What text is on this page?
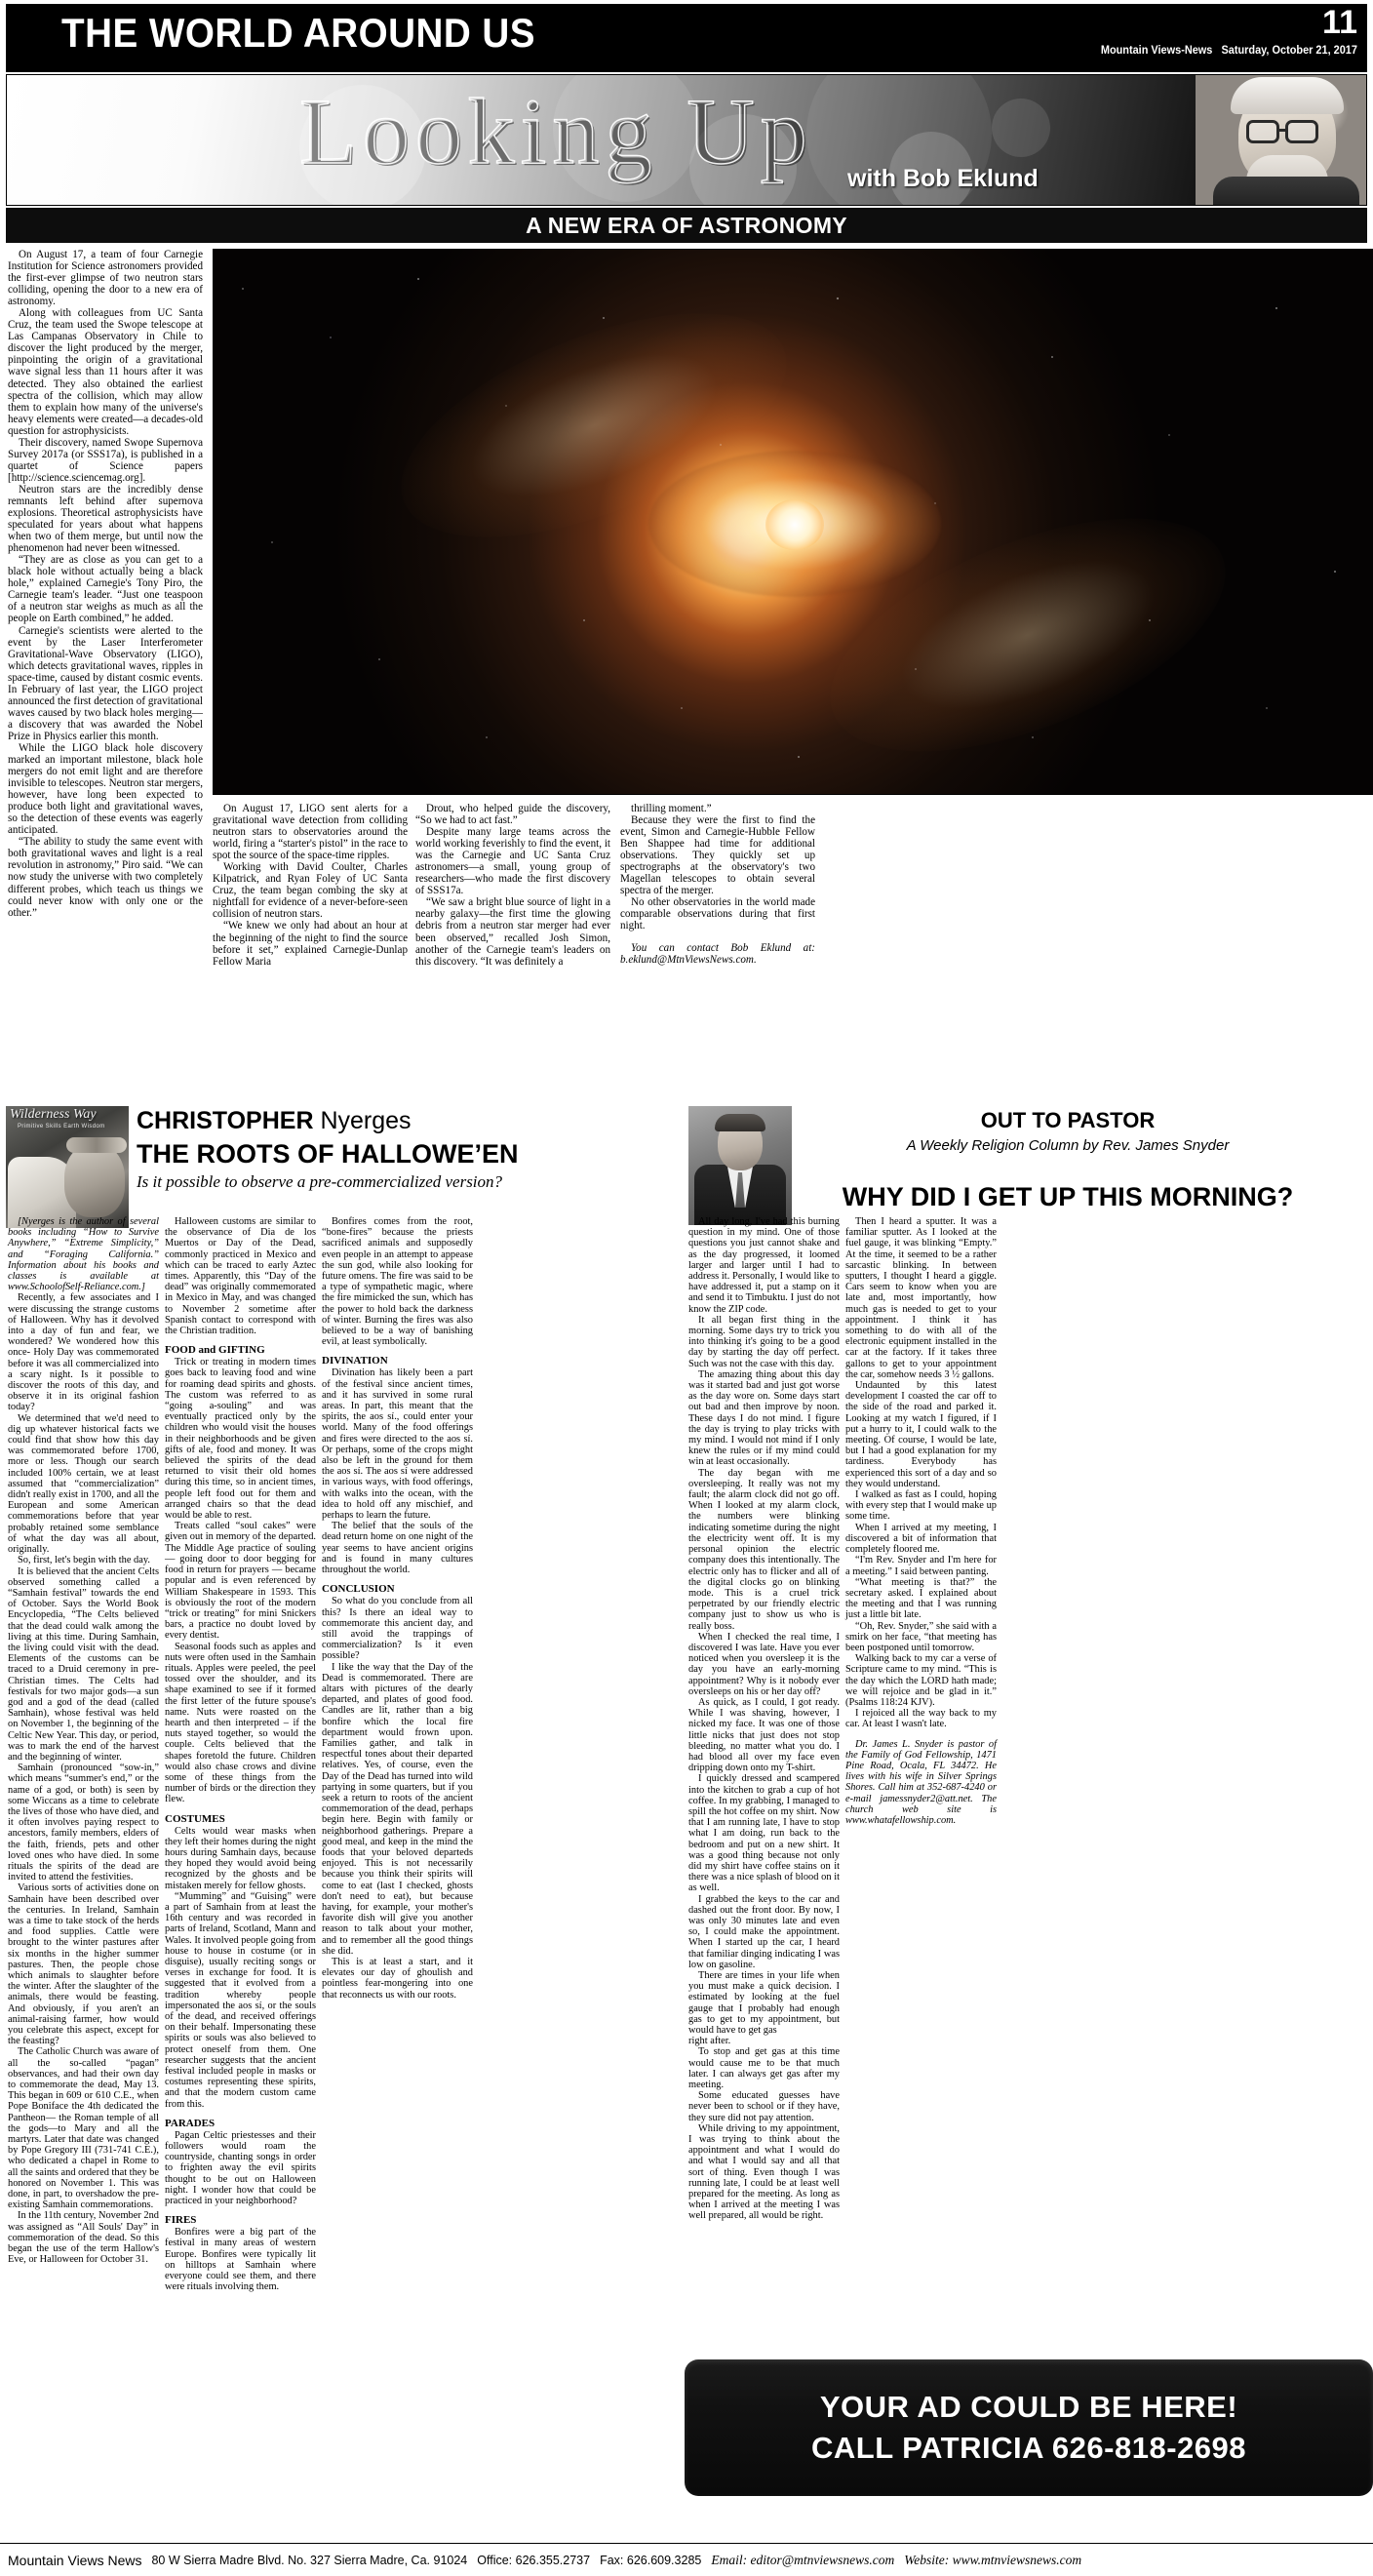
THE WORLD AROUND US	11
Mountain Views-News Saturday, October 21, 2017
Looking Up with Bob Eklund
A NEW ERA OF ASTRONOMY

On August 17, a team of four Carnegie Institution for Science astronomers provided the first-ever glimpse of two neutron stars colliding, opening the door to a new era of astronomy.

Along with colleagues from UC Santa Cruz, the team used the Swope telescope at Las Campanas Observatory in Chile to discover the light produced by the merger, pinpointing the origin of a gravitational wave signal less than 11 hours after it was detected. They also obtained the earliest spectra of the collision, which may allow them to explain how many of the universe's heavy elements were created—a decades-old question for astrophysicists.

Their discovery, named Swope Supernova Survey 2017a (or SSS17a), is published in a quartet of Science papers [http://science.sciencemag.org].

Neutron stars are the incredibly dense remnants left behind after supernova explosions. Theoretical astrophysicists have speculated for years about what happens when two of them merge, but until now the phenomenon had never been witnessed.

“They are as close as you can get to a black hole without actually being a black hole,” explained Carnegie's Tony Piro, the Carnegie team's leader. “Just one teaspoon of a neutron star weighs as much as all the people on Earth combined,” he added.

Carnegie's scientists were alerted to the event by the Laser Interferometer Gravitational-Wave Observatory (LIGO), which detects gravitational waves, ripples in space-time, caused by distant cosmic events. In February of last year, the LIGO project announced the first detection of gravitational waves caused by two black holes merging—a discovery that was awarded the Nobel Prize in Physics earlier this month.

While the LIGO black hole discovery marked an important milestone, black hole mergers do not emit light and are therefore invisible to telescopes. Neutron star mergers, however, have long been expected to produce both light and gravitational waves, so the detection of these events was eagerly anticipated.

“The ability to study the same event with both gravitational waves and light is a real revolution in astronomy,” Piro said. “We can now study the universe with two completely different probes, which teach us things we could never know with only one or the other.”

On August 17, LIGO sent alerts for a gravitational wave detection from colliding neutron stars to observatories around the world, firing a “starter's pistol” in the race to spot the source of the space-time ripples.

Working with David Coulter, Charles Kilpatrick, and Ryan Foley of UC Santa Cruz, the team began combing the sky at nightfall for evidence of a never-before-seen collision of neutron stars.

“We knew we only had about an hour at the beginning of the night to find the source before it set,” explained Carnegie-Dunlap Fellow Maria

Drout, who helped guide the discovery, “So we had to act fast.”

Despite many large teams across the world working feverishly to find the event, it was the Carnegie and UC Santa Cruz astronomers—a small, young group of researchers—who made the first discovery of SSS17a.

“We saw a bright blue source of light in a nearby galaxy—the first time the glowing debris from a neutron star merger had ever been observed,” recalled Josh Simon, another of the Carnegie team's leaders on this discovery. “It was definitely a

thrilling moment.”

Because they were the first to find the event, Simon and Carnegie-Hubble Fellow Ben Shappee had time for additional observations. They quickly set up spectrographs at the observatory's two Magellan telescopes to obtain several spectra of the merger.

No other observatories in the world made comparable observations during that first night.

You can contact Bob Eklund at: b.eklund@MtnViewsNews.com.

Wilderness Way
Primitive Skills Earth Wisdom CHRISTOPHER Nyerges
THE ROOTS OF HALLOWE’EN
Is it possible to observe a pre-commercialized version?
OUT TO PASTOR
A Weekly Religion Column by Rev. James Snyder
WHY DID I GET UP THIS MORNING?

[Nyerges is the author of several books including “How to Survive Anywhere,” “Extreme Simplicity,” and “Foraging California.” Information about his books and classes is available at www.SchoolofSelf-Reliance.com.]

Recently, a few associates and I were discussing the strange customs of Halloween. Why has it devolved into a day of fun and fear, we wondered? We wondered how this once- Holy Day was commemorated before it was all commercialized into a scary night. Is it possible to discover the roots of this day, and observe it in its original fashion today?

We determined that we'd need to dig up whatever historical facts we could find that show how this day was commemorated before 1700, more or less. Though our search included 100% certain, we at least assumed that “commercialization” didn't really exist in 1700, and all the European and some American commemorations before that year probably retained some semblance of what the day was all about, originally.

So, first, let's begin with the day.

It is believed that the ancient Celts observed something called a “Samhain festival” towards the end of October. Says the World Book Encyclopedia, “The Celts believed that the dead could walk among the living at this time. During Samhain, the living could visit with the dead. Elements of the customs can be traced to a Druid ceremony in pre-Christian times. The Celts had festivals for two major gods—a sun god and a god of the dead (called Samhain), whose festival was held on November 1, the beginning of the Celtic New Year. This day, or period, was to mark the end of the harvest and the beginning of winter.

Samhain (pronounced “sow-in,” which means “summer's end,” or the name of a god, or both) is seen by some Wiccans as a time to celebrate the lives of those who have died, and it often involves paying respect to ancestors, family members, elders of the faith, friends, pets and other loved ones who have died. In some rituals the spirits of the dead are invited to attend the festivities.

Various sorts of activities done on Samhain have been described over the centuries. In Ireland, Samhain was a time to take stock of the herds and food supplies. Cattle were brought to the winter pastures after six months in the higher summer pastures. Then, the people chose which animals to slaughter before the winter. After the slaughter of the animals, there would be feasting. And obviously, if you aren't an animal-raising farmer, how would you celebrate this aspect, except for the feasting?

The Catholic Church was aware of all the so-called “pagan” observances, and had their own day to commemorate the dead, May 13. This began in 609 or 610 C.E., when Pope Boniface the 4th dedicated the Pantheon— the Roman temple of all the gods—to Mary and all the martyrs. Later that date was changed by Pope Gregory III (731-741 C.E.), who dedicated a chapel in Rome to all the saints and ordered that they be honored on November 1. This was done, in part, to overshadow the pre-existing Samhain commemorations.

In the 11th century, November 2nd was assigned as “All Souls' Day” in commemoration of the dead. So this began the use of the term Hallow's Eve, or Halloween for October 31.

Halloween customs are similar to the observance of Dia de los Muertos or Day of the Dead, commonly practiced in Mexico and which can be traced to early Aztec times. Apparently, this “Day of the dead” was originally commemorated in Mexico in May, and was changed to November 2 sometime after Spanish contact to correspond with the Christian tradition.

FOOD and GIFTING

Trick or treating in modern times goes back to leaving food and wine for roaming dead spirits and ghosts. The custom was referred to as “going a-souling” and was eventually practiced only by the children who would visit the houses in their neighborhoods and be given gifts of ale, food and money. It was believed the spirits of the dead returned to visit their old homes during this time, so in ancient times, people left food out for them and arranged chairs so that the dead would be able to rest.

Treats called “soul cakes” were given out in memory of the departed. The Middle Age practice of souling — going door to door begging for food in return for prayers — became popular and is even referenced by William Shakespeare in 1593. This is obviously the root of the modern “trick or treating” for mini Snickers bars, a practice no doubt loved by every dentist.

Seasonal foods such as apples and nuts were often used in the Samhain rituals. Apples were peeled, the peel tossed over the shoulder, and its shape examined to see if it formed the first letter of the future spouse's name. Nuts were roasted on the hearth and then interpreted – if the nuts stayed together, so would the couple. Celts believed that the shapes foretold the future. Children would also chase crows and divine some of these things from the number of birds or the direction they flew.

COSTUMES

Celts would wear masks when they left their homes during the night hours during Samhain days, because they hoped they would avoid being recognized by the ghosts and be mistaken merely for fellow ghosts.

“Mumming” and “Guising” were a part of Samhain from at least the 16th century and was recorded in parts of Ireland, Scotland, Mann and Wales. It involved people going from house to house in costume (or in disguise), usually reciting songs or verses in exchange for food. It is suggested that it evolved from a tradition whereby people impersonated the aos sí, or the souls of the dead, and received offerings on their behalf. Impersonating these spirits or souls was also believed to protect oneself from them. One researcher suggests that the ancient festival included people in masks or costumes representing these spirits, and that the modern custom came from this.

PARADES

Pagan Celtic priestesses and their followers would roam the countryside, chanting songs in order to frighten away the evil spirits thought to be out on Halloween night. I wonder how that could be practiced in your neighborhood?

FIRES

Bonfires were a big part of the festival in many areas of western Europe. Bonfires were typically lit on hilltops at Samhain where everyone could see them, and there were rituals involving them.

All day long, I've had this burning question in my mind. One of those questions you just cannot shake and as the day progressed, it loomed larger and larger until I had to address it. Personally, I would like to have addressed it, put a stamp on it and send it to Timbuktu. I just do not know the ZIP code.

It all began first thing in the morning. Some days try to trick you into thinking it's going to be a good day by starting the day off perfect. Such was not the case with this day.

The amazing thing about this day was it started bad and just got worse as the day wore on. Some days start out bad and then improve by noon. These days I do not mind. I figure the day is trying to play tricks with my mind. I would not mind if I only knew the rules or if my mind could win at least occasionally.

The day began with me oversleeping. It really was not my fault; the alarm clock did not go off. When I looked at my alarm clock, the numbers were blinking indicating sometime during the night the electricity went off. It is my personal opinion the electric company does this intentionally. The electric only has to flicker and all of the digital clocks go on blinking mode. This is a cruel trick perpetrated by our friendly electric company just to show us who is really boss.

When I checked the real time, I discovered I was late. Have you ever noticed when you oversleep it is the day you have an early-morning appointment? Why is it nobody ever oversleeps on his or her day off?

As quick, as I could, I got ready. While I was shaving, however, I nicked my face. It was one of those little nicks that just does not stop bleeding, no matter what you do. I had blood all over my face even dripping down onto my T-shirt.

I quickly dressed and scampered into the kitchen to grab a cup of hot coffee. In my grabbing, I managed to spill the hot coffee on my shirt. Now that I am running late, I have to stop what I am doing, run back to the bedroom and put on a new shirt. It was a good thing because not only did my shirt have coffee stains on it there was a nice splash of blood on it as well.

I grabbed the keys to the car and dashed out the front door. By now, I was only 30 minutes late and even so, I could make the appointment. When I started up the car, I heard that familiar dinging indicating I was low on gasoline.

There are times in your life when you must make a quick decision. I estimated by looking at the fuel gauge that I probably had enough gas to get to my appointment, but would have to get gas

right after.

To stop and get gas at this time would cause me to be that much later. I can always get gas after my meeting.

Some educated guesses have never been to school or if they have, they sure did not pay attention.

While driving to my appointment, I was trying to think about the appointment and what I would do and what I would say and all that sort of thing. Even though I was running late, I could be at least well prepared for the meeting. As long as when I arrived at the meeting I was well prepared, all would be right.

Then I heard a sputter. It was a familiar sputter. As I looked at the fuel gauge, it was blinking “Empty.” At the time, it seemed to be a rather sarcastic blinking. In between sputters, I thought I heard a giggle. Cars seem to know when you are late and, most importantly, how much gas is needed to get to your appointment. I think it has something to do with all of the electronic equipment installed in the car at the factory. If it takes three gallons to get to your appointment the car, somehow needs 3 ½ gallons.

Undaunted by this latest development I coasted the car off to the side of the road and parked it. Looking at my watch I figured, if I put a hurry to it, I could walk to the meeting. Of course, I would be late, but I had a good explanation for my tardiness. Everybody has experienced this sort of a day and so they would understand.

I walked as fast as I could, hoping with every step that I would make up some time.

When I arrived at my meeting, I discovered a bit of information that completely floored me.

“I'm Rev. Snyder and I'm here for a meeting.” I said between panting.

“What meeting is that?” the secretary asked. I explained about the meeting and that I was running just a little bit late.

“Oh, Rev. Snyder,” she said with a smirk on her face, “that meeting has been postponed until tomorrow.

Walking back to my car a verse of Scripture came to my mind. “This is the day which the LORD hath made; we will rejoice and be glad in it.” (Psalms 118:24 KJV).

I rejoiced all the way back to my car. At least I wasn't late.

Dr. James L. Snyder is pastor of the Family of God Fellowship, 1471 Pine Road, Ocala, FL 34472. He lives with his wife in Silver Springs Shores. Call him at 352-687-4240 or e-mail jamessnyder2@att.net. The church web site is www.whatafellowship.com.

YOUR AD COULD BE HERE!
CALL PATRICIA 626-818-2698

Bonfires comes from the root, “bone-fires” because the priests sacrificed animals and supposedly even people in an attempt to appease the sun god, while also looking for future omens. The fire was said to be a type of sympathetic magic, where the fire mimicked the sun, which has the power to hold back the darkness of winter. Burning the fires was also believed to be a way of banishing evil, at least symbolically.

DIVINATION

Divination has likely been a part of the festival since ancient times, and it has survived in some rural areas. In part, this meant that the spirits, the aos sí., could enter your world. Many of the food offerings and fires were directed to the aos sí. Or perhaps, some of the crops might also be left in the ground for them the aos sí. The aos sí were addressed in various ways, with food offerings, with walks into the ocean, with the idea to hold off any mischief, and perhaps to learn the future.

The belief that the souls of the dead return home on one night of the year seems to have ancient origins and is found in many cultures throughout the world.

CONCLUSION

So what do you conclude from all this? Is there an ideal way to commemorate this ancient day, and still avoid the trappings of commercialization? Is it even possible?

I like the way that the Day of the Dead is commemorated. There are altars with pictures of the dearly departed, and plates of good food. Candles are lit, rather than a big bonfire which the local fire department would frown upon. Families gather, and talk in respectful tones about their departed relatives. Yes, of course, even the Day of the Dead has turned into wild partying in some quarters, but if you seek a return to roots of the ancient commemoration of the dead, perhaps begin here. Begin with family or neighborhood gatherings. Prepare a good meal, and keep in the mind the foods that your beloved departeds enjoyed. This is not necessarily because you think their spirits will come to eat (last I checked, ghosts don't need to eat), but because having, for example, your mother's favorite dish will give you another reason to talk about your mother, and to remember all the good things she did.

This is at least a start, and it elevates our day of ghoulish and pointless fear-mongering into one that reconnects us with our roots.

Mountain Views News 80 W Sierra Madre Blvd. No. 327 Sierra Madre, Ca. 91024 Office: 626.355.2737 Fax: 626.609.3285 Email: editor@mtnviewsnews.com Website: www.mtnviewsnews.com
